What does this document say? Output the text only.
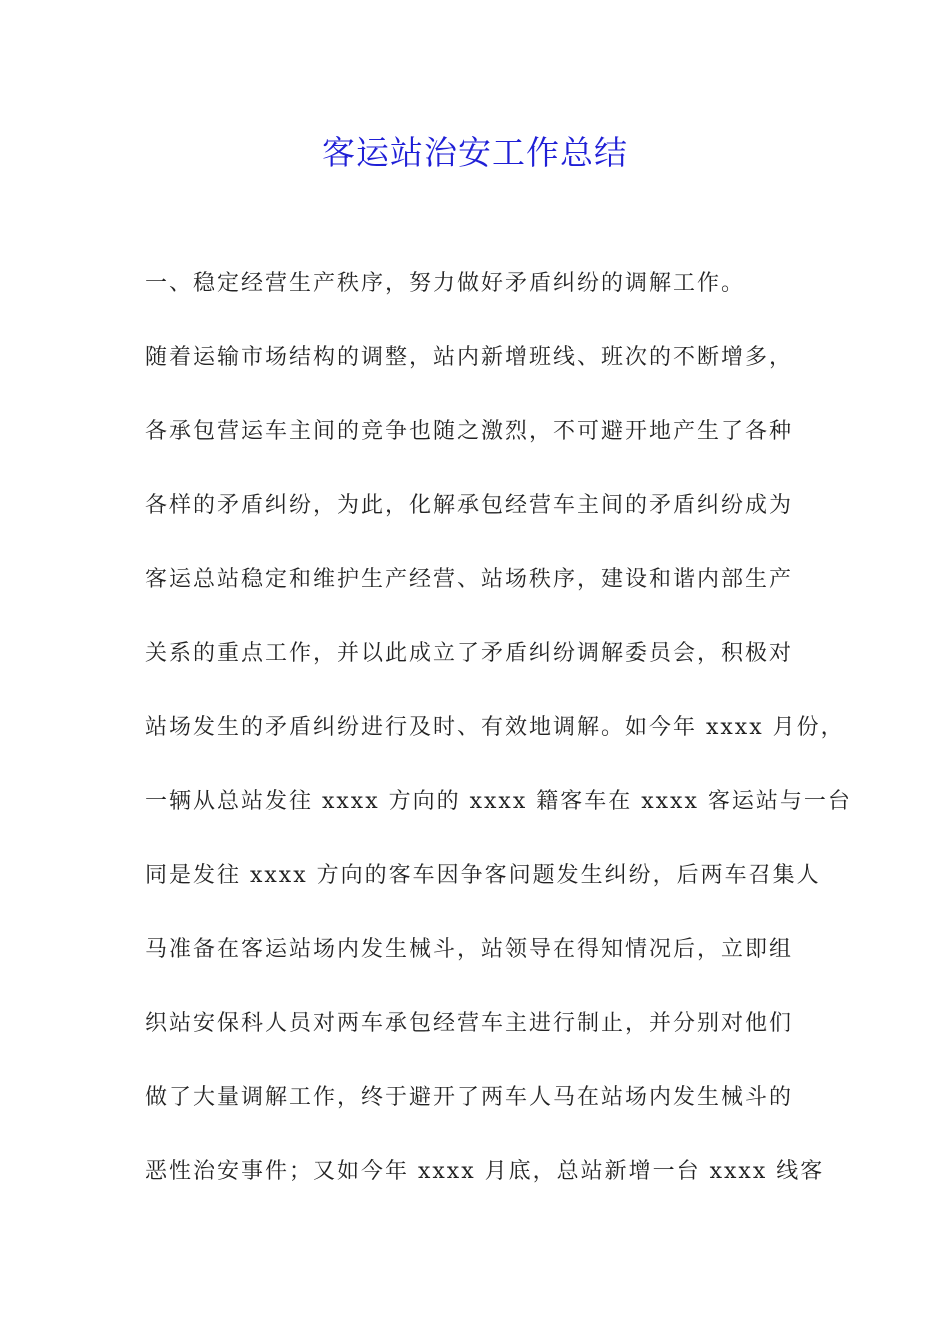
客运站治安工作总结
一、稳定经营生产秩序，努力做好矛盾纠纷的调解工作。
随着运输市场结构的调整，站内新增班线、班次的不断增多，
各承包营运车主间的竞争也随之激烈，不可避开地产生了各种
各样的矛盾纠纷，为此，化解承包经营车主间的矛盾纠纷成为
客运总站稳定和维护生产经营、站场秩序，建设和谐内部生产
关系的重点工作，并以此成立了矛盾纠纷调解委员会，积极对
站场发生的矛盾纠纷进行及时、有效地调解。如今年 xxxx 月份，
一辆从总站发往 xxxx 方向的 xxxx 籍客车在 xxxx 客运站与一台
同是发往 xxxx 方向的客车因争客问题发生纠纷，后两车召集人
马准备在客运站场内发生械斗，站领导在得知情况后，立即组
织站安保科人员对两车承包经营车主进行制止，并分别对他们
做了大量调解工作，终于避开了两车人马在站场内发生械斗的
恶性治安事件；又如今年 xxxx 月底，总站新增一台 xxxx 线客
